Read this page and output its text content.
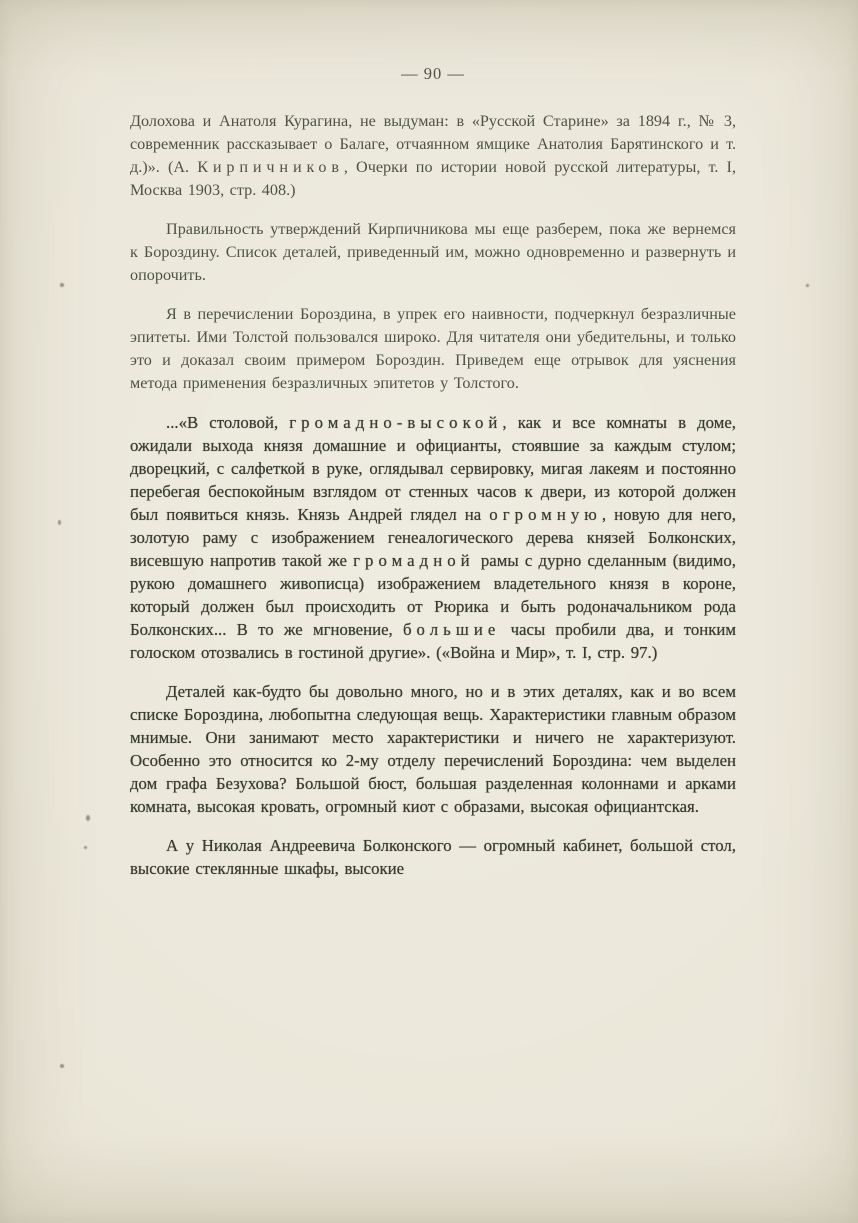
— 90 —

Долохова и Анатоля Курагина, не выдуман: в «Русской Старине» за 1894 г., № 3, современник рассказывает о Балаге, отчаянном ямщике Анатолия Барятинского и т. д.)». (А. Кирпичников, Очерки по истории новой русской литературы, т. I, Москва 1903, стр. 408.)

Правильность утверждений Кирпичникова мы еще разберем, пока же вернемся к Бороздину. Список деталей, приведенный им, можно одновременно и развернуть и опорочить.

Я в перечислении Бороздина, в упрек его наивности, подчеркнул безразличные эпитеты. Ими Толстой пользовался широко. Для читателя они убедительны, и только это и доказал своим примером Бороздин. Приведем еще отрывок для уяснения метода применения безразличных эпитетов у Толстого.

...«В столовой, громадно-высокой, как и все комнаты в доме, ожидали выхода князя домашние и официанты, стоявшие за каждым стулом; дворецкий, с салфеткой в руке, оглядывал сервировку, мигая лакеям и постоянно перебегая беспокойным взглядом от стенных часов к двери, из которой должен был появиться князь. Князь Андрей глядел на огромную, новую для него, золотую раму с изображением генеалогического дерева князей Болконских, висевшую напротив такой же громадной рамы с дурно сделанным (видимо, рукою домашнего живописца) изображением владетельного князя в короне, который должен был происходить от Рюрика и быть родоначальником рода Болконских... В то же мгновение, большие часы пробили два, и тонким голоском отозвались в гостиной другие». («Война и Мир», т. I, стр. 97.)

Деталей как-будто бы довольно много, но и в этих деталях, как и во всем списке Бороздина, любопытна следующая вещь. Характеристики главным образом мнимые. Они занимают место характеристики и ничего не характеризуют. Особенно это относится ко 2-му отделу перечислений Бороздина: чем выделен дом графа Безухова? Большой бюст, большая разделенная колоннами и арками комната, высокая кровать, огромный киот с образами, высокая официантская.

А у Николая Андреевича Болконского — огромный кабинет, большой стол, высокие стеклянные шкафы, высокие
